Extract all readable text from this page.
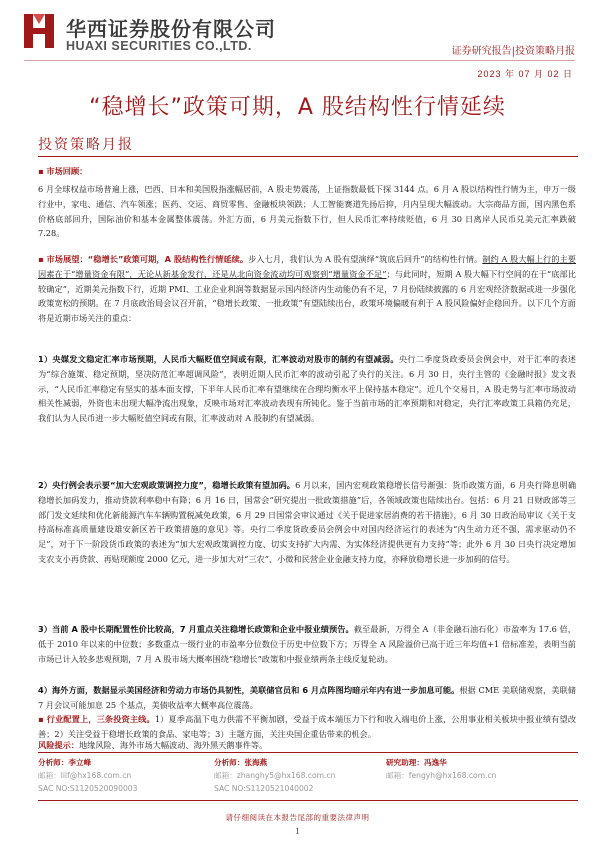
华西证券股份有限公司
HUAXI SECURITIES CO.,LTD.	证券研究报告|投资策略月报
2023 年 07 月 02 日
“稳增长”政策可期，A 股结构性行情延续
投资策略月报
▪ 市场回顾：
6 月全球权益市场普遍上涨，巴西、日本和美国股指涨幅居前，A 股走势震荡，上证指数最低下探 3144 点。6 月 A 股以结构性行情为主，申万一级行业中，家电、通信、汽车领涨；医药、交运、商贸零售、金融板块领跌；人工智能赛道先扬后抑，月内呈现大幅波动。大宗商品方面，国内黑色系价格底部回升，国际油价和基本金属整体震荡。外汇方面，6 月美元指数下行，但人民币汇率持续贬值，6 月 30 日离岸人民币兑美元汇率跌破 7.28。
▪ 市场展望：“稳增长”政策可期，A 股结构性行情延续。步入七月，我们认为 A 股有望演绎“筑底后回升”的结构性行情。制约 A 股大幅上行的主要因素在于“增量资金有限”，无论从新基金发行，还是从北向资金流动均可观察到“增量资金不足”；与此同时，短期 A 股大幅下行空间的在于“底部比较确定”，近期美元指数下行，近期 PMI、工业企业利润等数据显示国内经济内生动能仍有不足，7 月份陆续披露的 6 月宏观经济数据或进一步强化政策宽松的预期。在 7 月底政治局会议召开前，“稳增长政策、一批政策”有望陆续出台，政策环境偏暖有利于 A 股风险偏好企稳回升。以下几个方面将是近期市场关注的重点：
1）央媒发文稳定汇率市场预期，人民币大幅贬值空间或有限，汇率波动对股市的制约有望减弱。央行二季度货政委员会例会中，对于汇率的表述为“综合施策、稳定预期，坚决防范汇率超调风险”，表明近期人民币汇率的波动引起了央行的关注。6 月 30 日，央行主管的《金融时报》发文表示，“人民币汇率稳定有坚实的基本面支撑，下半年人民币汇率有望继续在合理均衡水平上保持基本稳定”。近几个交易日，A 股走势与汇率市场波动相关性减弱，外资也未出现大幅净流出现象，反映市场对汇率波动表现有所钝化。鉴于当前市场的汇率预期和对稳定，央行汇率政策工具箱仍充足，我们认为人民币进一步大幅贬值空间或有限，汇率波动对 A 股制约有望减弱。
2）央行例会表示要“加大宏观政策调控力度”，稳增长政策有望加码。6 月以来，国内宏观政策稳增长信号渐强：货币政策方面，6 月央行降息明确稳增长加码发力，推动贷款利率稳中有降；6 月 16 日，国常会“研究提出一批政策措施”后，各领域政策也陆续出台。包括：6 月 21 日财政部等三部门发文延续和优化新能源汽车车辆购置税减免政策，6 月 29 日国常会审议通过《关于促进家居消费的若干措施》，6 月 30 日政治局审议《关于支持高标准高质量建设雄安新区若干政策措施的意见》等。央行二季度货政委员会例会中对国内经济运行的表述为“内生动力还不强，需求驱动仍不足”，对于下一阶段货币政策的表述为“加大宏观政策调控力度、切实支持扩大内需、为实体经济提供更有力支持”等；此外 6 月 30 日央行决定增加支农支小再贷款、再贴现额度 2000 亿元，进一步加大对“三农”、小微和民营企业金融支持力度，亦释放稳增长进一步加码的信号。
3）当前 A 股中长期配置性价比较高，7 月重点关注稳增长政策和企业中报业绩预告。截至最新，万得全 A（非金融石油石化）市盈率为 17.6 倍，低于 2010 年以来的中位数；多数重点一级行业的市盈率分位数位于历史中位数下方；万得全 A 风险溢价已高于近三年均值+1 倍标准差，表明当前市场已计入较多悲观预期，7 月 A 股市场大概率围绕“稳增长”政策和中报业绩两条主线反复轮动。
4）海外方面，数据显示美国经济和劳动力市场仍具韧性，美联储官员和 6 月点阵图均暗示年内有进一步加息可能。根据 CME 美联储观察，美联储 7 月会议可能加息 25 个基点，美债收益率大概率高位震荡。
▪ 行业配置上，三条投资主线。1）夏季高温下电力供需不平衡加剧，受益于成本端压力下行和收入端电价上涨，公用事业相关板块中报业绩有望改善；2）关注受益于稳增长政策的食品、家电等；3）主题方面，关注央国企重估带来的机会。
风险提示：地缘风险、海外市场大幅波动、海外黑天鹅事件等。
分析师：李立峰
邮箱：lilf@hx168.com.cn
SAC NO:S1120520090003
分析师：张海燕
邮箱：zhanghy5@hx168.com.cn
SAC NO:S1120521040002
研究助理：冯逸华
邮箱：fengyh@hx168.com.cn
请仔细阅读在本报告尾部的重要法律声明
1
